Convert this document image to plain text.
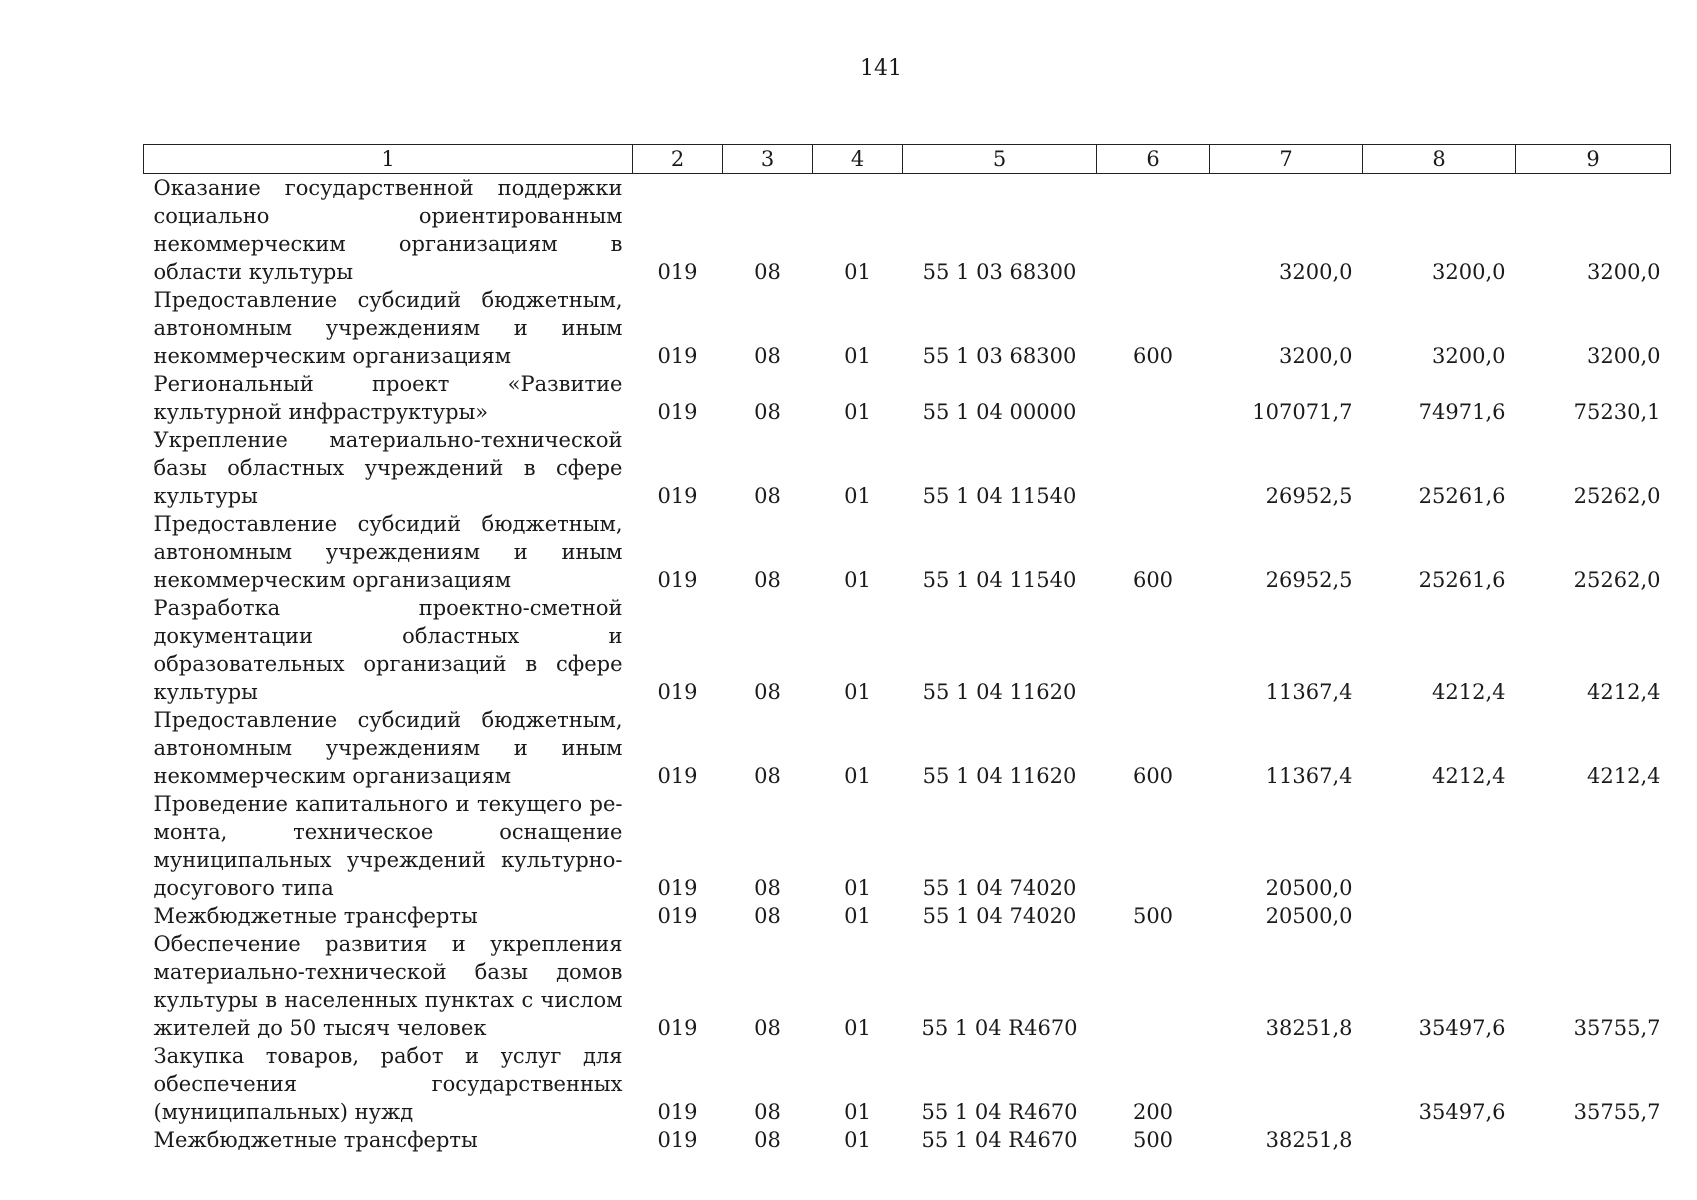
141
1	2	3	4	5	6	7	8	9
Оказание государственной поддержки социально ориентированным некоммерческим организациям в области культуры	019	08	01	55 1 03 68300		3200,0	3200,0	3200,0
Предоставление субсидий бюджетным, автономным учреждениям и иным некоммерческим организациям	019	08	01	55 1 03 68300	600	3200,0	3200,0	3200,0
Региональный проект «Развитие культурной инфраструктуры»	019	08	01	55 1 04 00000		107071,7	74971,6	75230,1
Укрепление материально-технической базы областных учреждений в сфере культуры	019	08	01	55 1 04 11540		26952,5	25261,6	25262,0
Предоставление субсидий бюджетным, автономным учреждениям и иным некоммерческим организациям	019	08	01	55 1 04 11540	600	26952,5	25261,6	25262,0
Разработка проектно-сметной документации областных и образовательных организаций в сфере культуры	019	08	01	55 1 04 11620		11367,4	4212,4	4212,4
Предоставление субсидий бюджетным, автономным учреждениям и иным некоммерческим организациям	019	08	01	55 1 04 11620	600	11367,4	4212,4	4212,4
Проведение капитального и текущего ремонта, техническое оснащение муниципальных учреждений культурно-досугового типа	019	08	01	55 1 04 74020		20500,0		
Межбюджетные трансферты	019	08	01	55 1 04 74020	500	20500,0		
Обеспечение развития и укрепления материально-технической базы домов культуры в населенных пунктах с числом жителей до 50 тысяч человек	019	08	01	55 1 04 R4670		38251,8	35497,6	35755,7
Закупка товаров, работ и услуг для обеспечения государственных (муниципальных) нужд	019	08	01	55 1 04 R4670	200		35497,6	35755,7
Межбюджетные трансферты	019	08	01	55 1 04 R4670	500	38251,8		
